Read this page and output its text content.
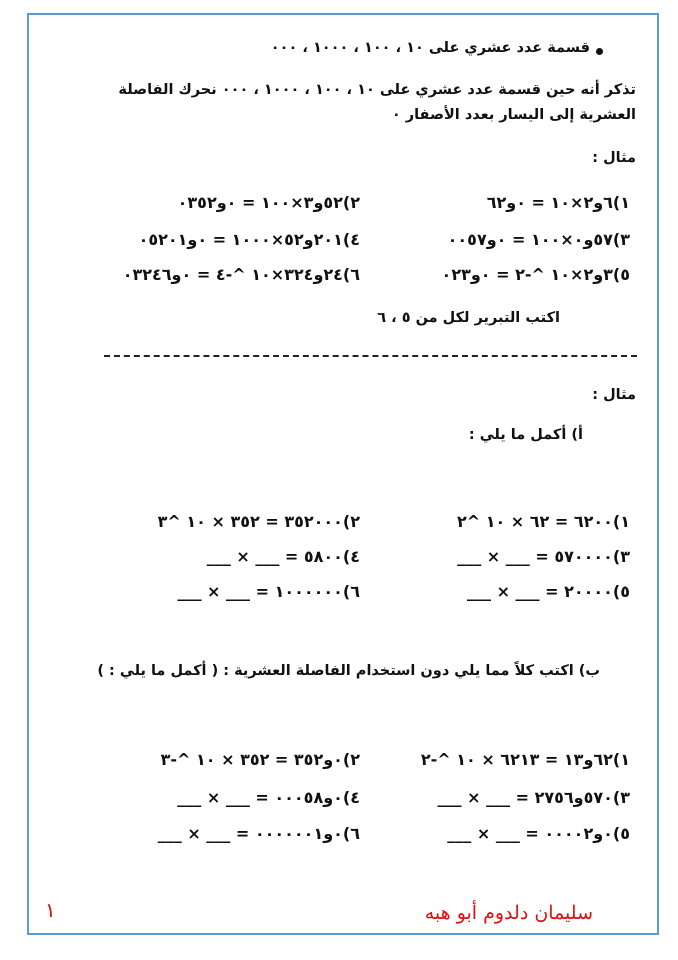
قسمة عدد عشري على ١٠ ، ١٠٠ ، ١٠٠٠ ، ٠٠٠
تذكر أنه حين قسمة عدد عشري على ١٠ ، ١٠٠ ، ١٠٠٠ ، ٠٠٠ نحرك الفاصلة
العشرية إلى اليسار بعدد الأصفار ٠
مثال :
١)٦و٢×١٠ = ٠و٦٢
٢)٥٢و٣×١٠٠ = ٠و٠٣٥٢
٣)٥٧و٠×١٠٠ = ٠و٠٠٥٧
٤)٢٠١و٥٢×١٠٠٠ = ٠و٠٥٢٠١
٥)٣و٢×١٠ ^-٢ = ٠و٠٢٣
٦)٢٤و٣٢٤×١٠ ^-٤ = ٠و٠٣٢٤٦
اكتب التبرير لكل من ٥ ، ٦
مثال :
أ) أكمل ما يلي :
١)٦٢٠٠ = ٦٢ × ١٠ ^٢
٢)٣٥٢٠٠٠ = ٣٥٢ × ١٠ ^٣
٣)٥٧٠٠٠٠ = ___ × ___
٤)٥٨٠٠ = ___ × ___
٥)٢٠٠٠٠ = ___ × ___
٦)١٠٠٠٠٠٠ = ___ × ___
ب) اكتب كلاً مما يلي دون استخدام الفاصلة العشرية : ( أكمل ما يلي : )
١)٦٢و١٣ = ٦٢١٣ × ١٠ ^-٢
٢)٠و٣٥٢ = ٣٥٢ × ١٠ ^-٣
٣)٥٧٠و٢٧٥٦ = ___ × ___
٤)٠و٠٠٠٥٨ = ___ × ___
٥)٠و٠٠٠٠٢ = ___ × ___
٦)٠و٠٠٠٠٠٠١ = ___ × ___
سليمان دلدوم أبو هبه
١
